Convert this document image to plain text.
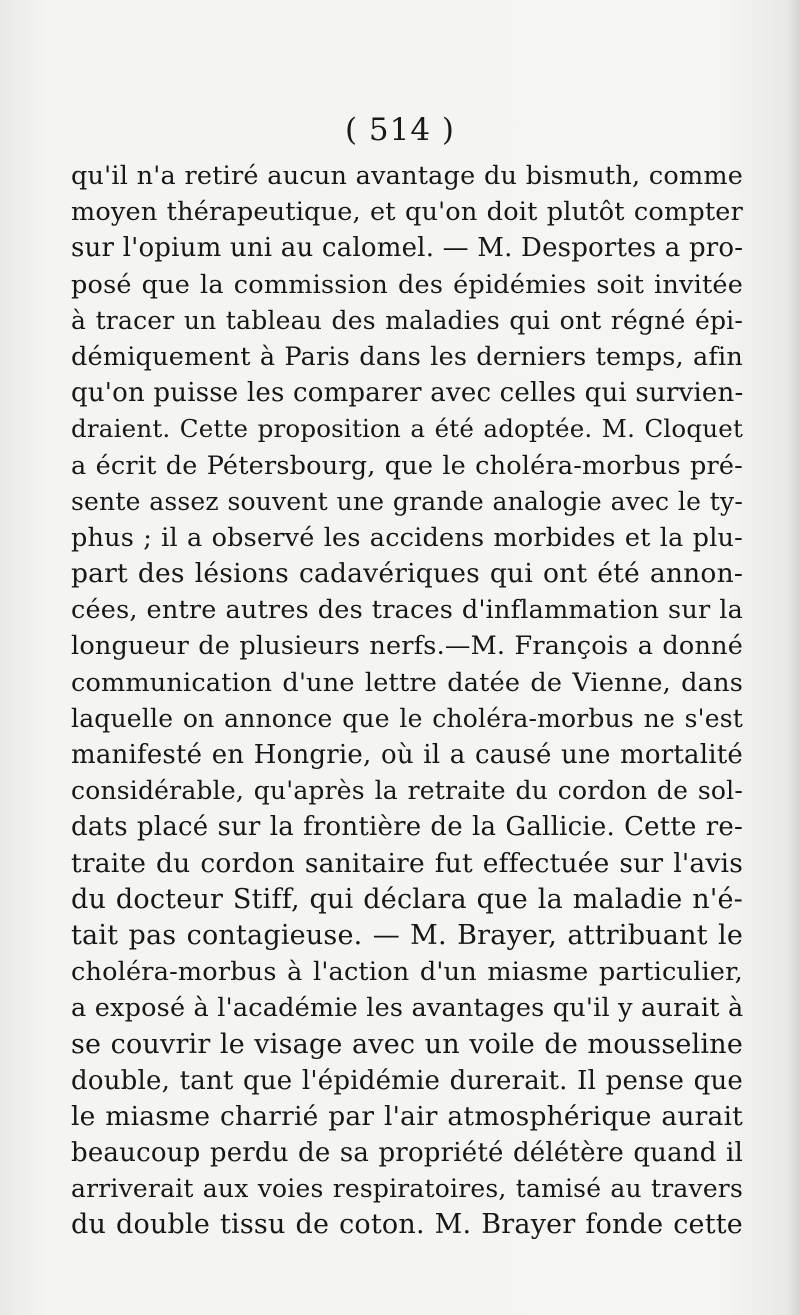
( 514 )
qu'il n'a retiré aucun avantage du bismuth, comme
moyen thérapeutique, et qu'on doit plutôt compter
sur l'opium uni au calomel. — M. Desportes a pro-
posé que la commission des épidémies soit invitée
à tracer un tableau des maladies qui ont régné épi-
démiquement à Paris dans les derniers temps, afin
qu'on puisse les comparer avec celles qui survien-
draient. Cette proposition a été adoptée. M. Cloquet
a écrit de Pétersbourg, que le choléra-morbus pré-
sente assez souvent une grande analogie avec le ty-
phus ; il a observé les accidens morbides et la plu-
part des lésions cadavériques qui ont été annon-
cées, entre autres des traces d'inflammation sur la
longueur de plusieurs nerfs.—M. François a donné
communication d'une lettre datée de Vienne, dans
laquelle on annonce que le choléra-morbus ne s'est
manifesté en Hongrie, où il a causé une mortalité
considérable, qu'après la retraite du cordon de sol-
dats placé sur la frontière de la Gallicie. Cette re-
traite du cordon sanitaire fut effectuée sur l'avis
du docteur Stiff, qui déclara que la maladie n'é-
tait pas contagieuse. — M. Brayer, attribuant le
choléra-morbus à l'action d'un miasme particulier,
a exposé à l'académie les avantages qu'il y aurait à
se couvrir le visage avec un voile de mousseline
double, tant que l'épidémie durerait. Il pense que
le miasme charrié par l'air atmosphérique aurait
beaucoup perdu de sa propriété délétère quand il
arriverait aux voies respiratoires, tamisé au travers
du double tissu de coton. M. Brayer fonde cette
